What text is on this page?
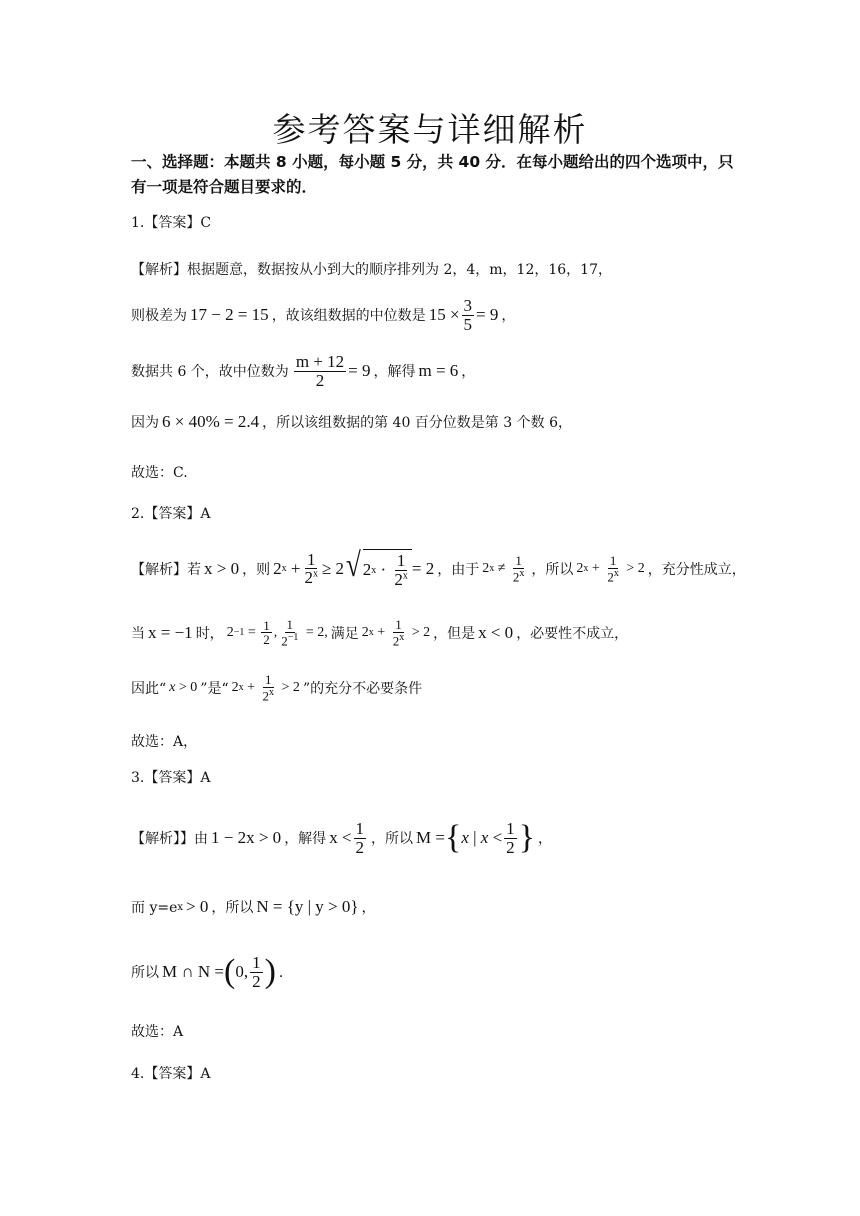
参考答案与详细解析
一、选择题：本题共 8 小题，每小题 5 分，共 40 分．在每小题给出的四个选项中，只有一项是符合题目要求的．
1.【答案】C
【解析】根据题意，数据按从小到大的顺序排列为 2，4，m，12，16，17，
则极差为 17 − 2 = 15 ，故该组数据的中位数是 $15 \times \frac{3}{5} = 9$ ，
数据共 6 个，故中位数为 $\frac{m + 12}{2} = 9$ ，解得 m = 6 ，
因为 6 × 40% = 2.4 ，所以该组数据的第 40 百分位数是第 3 个数 6，
故选：C.
2.【答案】A
【解析】若 x > 0 ，则 2 $x + \frac{1}{2^x} \ge 2$ √ 2 $x \cdot \frac{1}{2^x} = 2$ ，由于 2 x
≠
$\frac{1}{2^x}$ ，所以 2 $x + \frac{1}{2^x}$
> 2 ，充分性成立，
当 x = −1 时， $2 -1 = \frac{1}{2}$ , $\frac{1}{2^{-1}}$
= 2, 满足 2 $x + \frac{1}{2^x} > 2$ ，但是 x < 0 ，必要性不成立，
因此“ x > 0 ”是“ 2 $x + \frac{1}{2^x} > 2$ ”的充分不必要条件
故选：A，
3.【答案】A
【解析】】由 1 − 2x > 0 ，解得 $x < \frac{1}{2}$ ，所以 M = { x | $x < \frac{1}{2}$ } ，
而 y=e x > 0 ，所以 N = {y | y > 0} ，
所以 M ∩ N = ( 0, $\frac{1}{2}$ ) ．
故选：A
4.【答案】A
